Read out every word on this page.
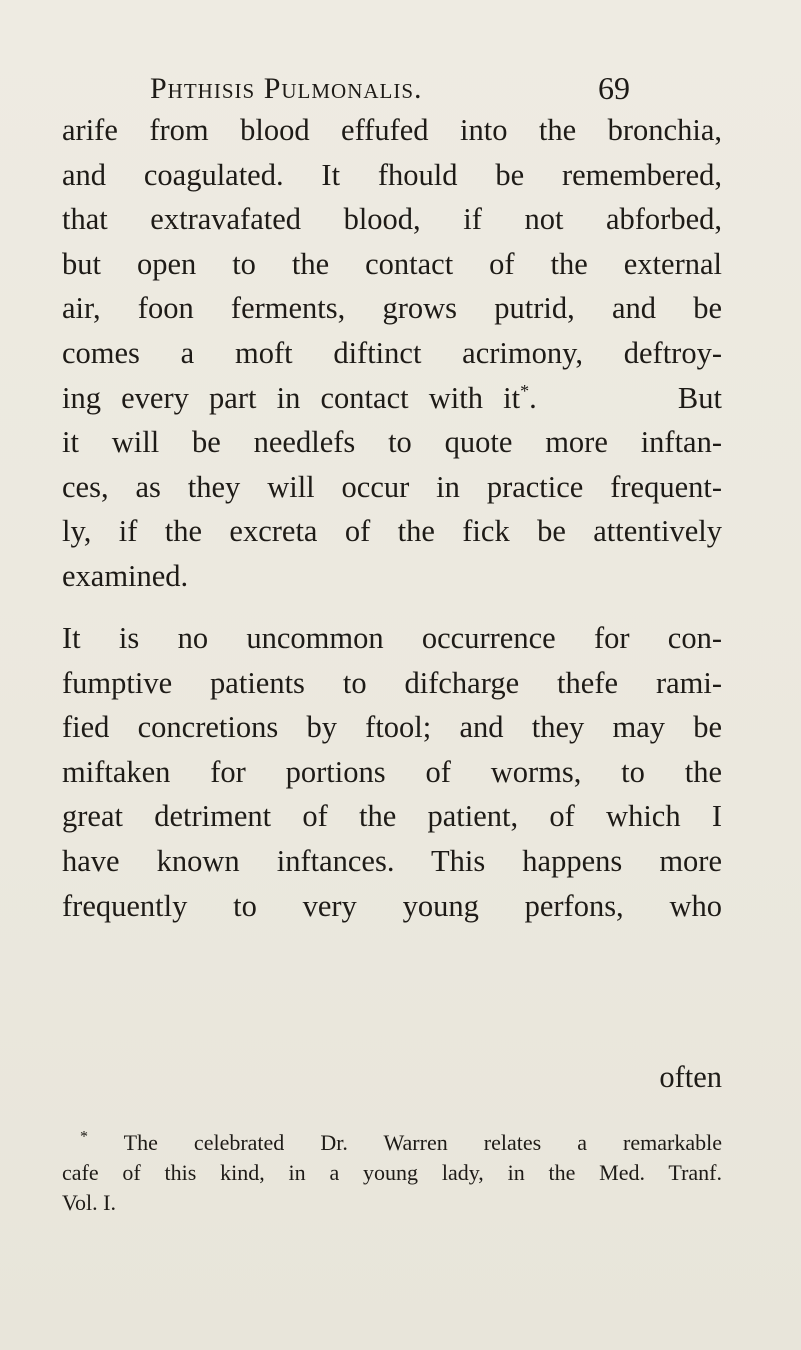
Phthisis Pulmonalis.	69
arife from blood effufed into the bronchia,
and coagulated. It fhould be remembered,
that extravafated blood, if not abforbed,
but open to the contact of the external
air, foon ferments, grows putrid, and be
comes a moft diftinct acrimony, deftroy-
ing every part in contact with it*.       But
it will be needlefs to quote more inftan-
ces, as they will occur in practice frequent-
ly, if the excreta of the fick be attentively
examined.
It is no uncommon occurrence for con-
fumptive patients to difcharge thefe rami-
fied concretions by ftool; and they may be
miftaken for portions of worms, to the
great detriment of the patient, of which I
have known inftances. This happens more
frequently to very young perfons, who
often
* The celebrated Dr. Warren relates a remarkable
cafe of this kind, in a young lady, in the Med. Tranf.
Vol. I.
